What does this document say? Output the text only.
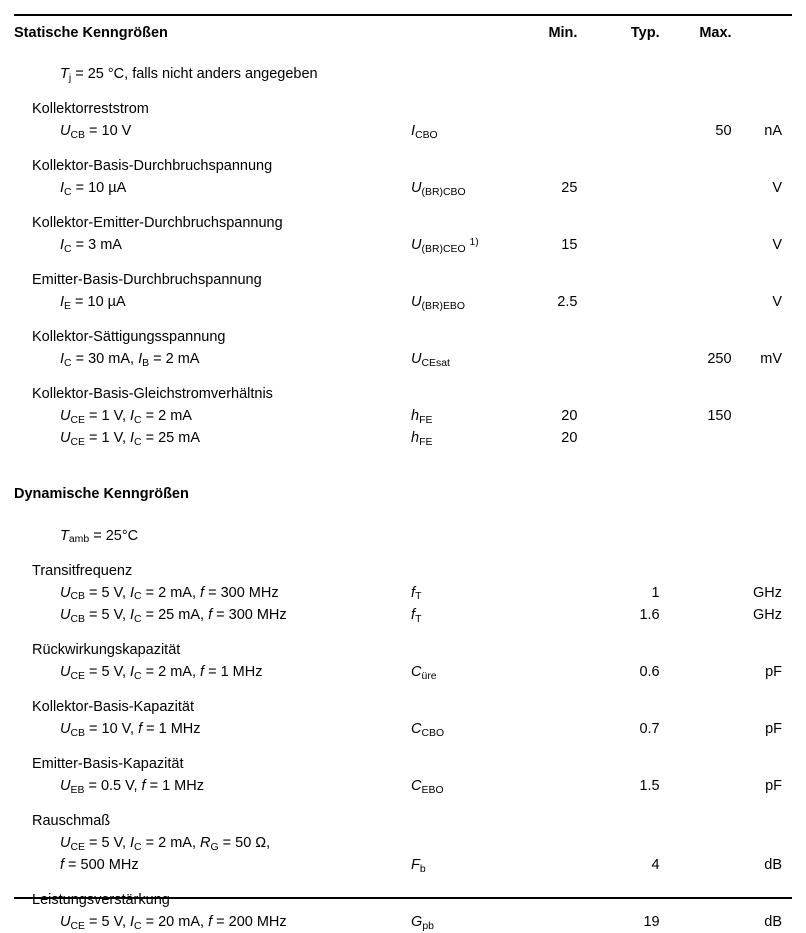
Statische Kenngrößen		Min.	Typ.	Max.	

$T_j = 25$ °C, falls nicht anders angegeben					

Kollektorreststrom					
$U_{CB} = 10$ V	$I_{CBO}$			50	nA

Kollektor-Basis-Durchbruchspannung					
$I_C = 10$ µA	$U_{(BR)CBO}$	25			V

Kollektor-Emitter-Durchbruchspannung					
$I_C = 3$ mA	$U_{(BR)CEO}$ $^{1)}$	15			V

Emitter-Basis-Durchbruchspannung					
$I_E = 10$ µA	$U_{(BR)EBO}$	2.5			V

Kollektor-Sättigungsspannung					
$I_C = 30$ mA, $I_B = 2$ mA	$U_{CEsat}$			250	mV

Kollektor-Basis-Gleichstromverhältnis					
$U_{CE} = 1$ V, $I_C = 2$ mA	$h_{FE}$	20		150	
$U_{CE} = 1$ V, $I_C = 25$ mA	$h_{FE}$	20			

Dynamische Kenngrößen					

$T_{amb} = 25^\circ C$					

Transitfrequenz					
$U_{CB} = 5$ V, $I_C = 2$ mA, f = 300 MHz	$f_T$		1		GHz
$U_{CB} = 5$ V, $I_C = 25$ mA, f = 300 MHz	$f_T$		1.6		GHz

Rückwirkungskapazität					
$U_{CE} = 5$ V, $I_C = 2$ mA, f = 1 MHz	$C_{üre}$		0.6		pF

Kollektor-Basis-Kapazität					
$U_{CB} = 10$ V, f = 1 MHz	$C_{CBO}$		0.7		pF

Emitter-Basis-Kapazität					
$U_{EB} = 0.5$ V, f = 1 MHz	$C_{EBO}$		1.5		pF

Rauschmaß					
$U_{CE} = 5$ V, $I_C = 2$ mA, $R_G = 50$ Ω,					
f = 500 MHz	$F_b$		4		dB

Leistungsverstärkung					
$U_{CE} = 5$ V, $I_C = 20$ mA, f = 200 MHz	$G_{pb}$		19		dB
